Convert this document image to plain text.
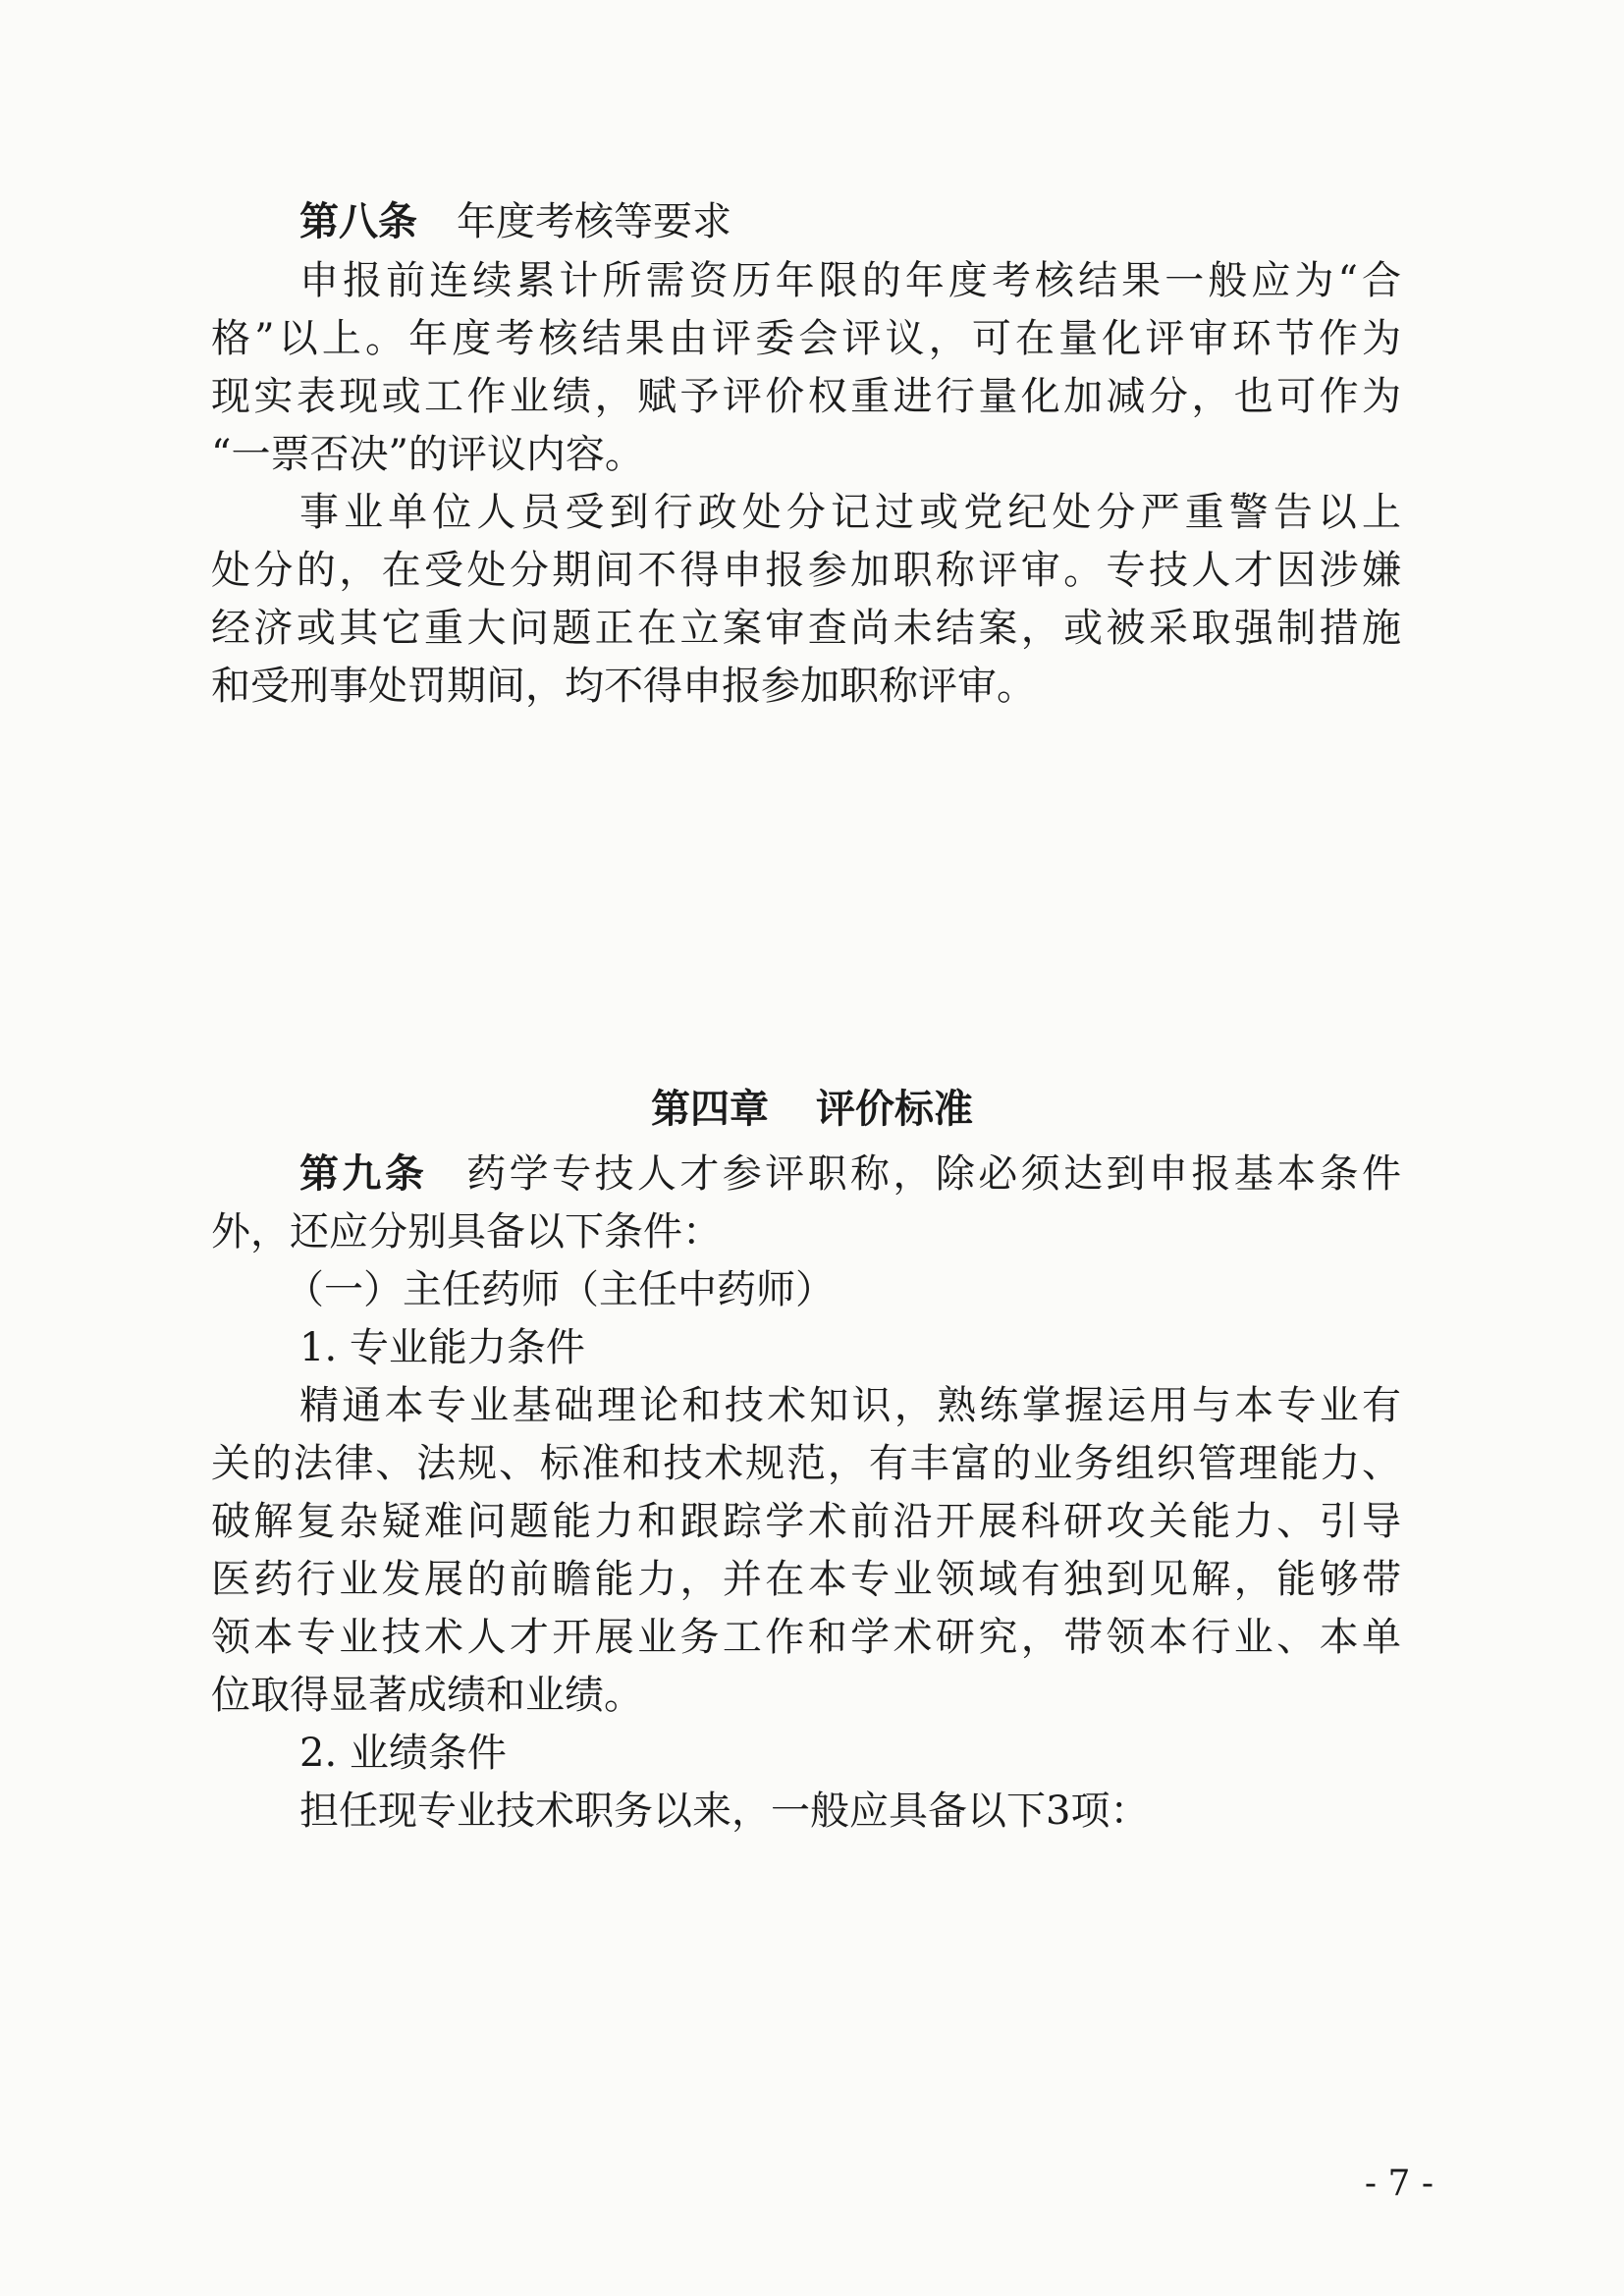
第八条 年度考核等要求
申报前连续累计所需资历年限的年度考核结果一般应为“合
格”以上。年度考核结果由评委会评议，可在量化评审环节作为
现实表现或工作业绩，赋予评价权重进行量化加减分，也可作为
“一票否决”的评议内容。
事业单位人员受到行政处分记过或党纪处分严重警告以上
处分的，在受处分期间不得申报参加职称评审。专技人才因涉嫌
经济或其它重大问题正在立案审查尚未结案，或被采取强制措施
和受刑事处罚期间，均不得申报参加职称评审。
第四章 评价标准
第九条 药学专技人才参评职称，除必须达到申报基本条件
外，还应分别具备以下条件：
（一）主任药师（主任中药师）
1. 专业能力条件
精通本专业基础理论和技术知识，熟练掌握运用与本专业有
关的法律、法规、标准和技术规范，有丰富的业务组织管理能力、
破解复杂疑难问题能力和跟踪学术前沿开展科研攻关能力、引导
医药行业发展的前瞻能力，并在本专业领域有独到见解，能够带
领本专业技术人才开展业务工作和学术研究，带领本行业、本单
位取得显著成绩和业绩。
2. 业绩条件
担任现专业技术职务以来，一般应具备以下3项：
- 7 -
